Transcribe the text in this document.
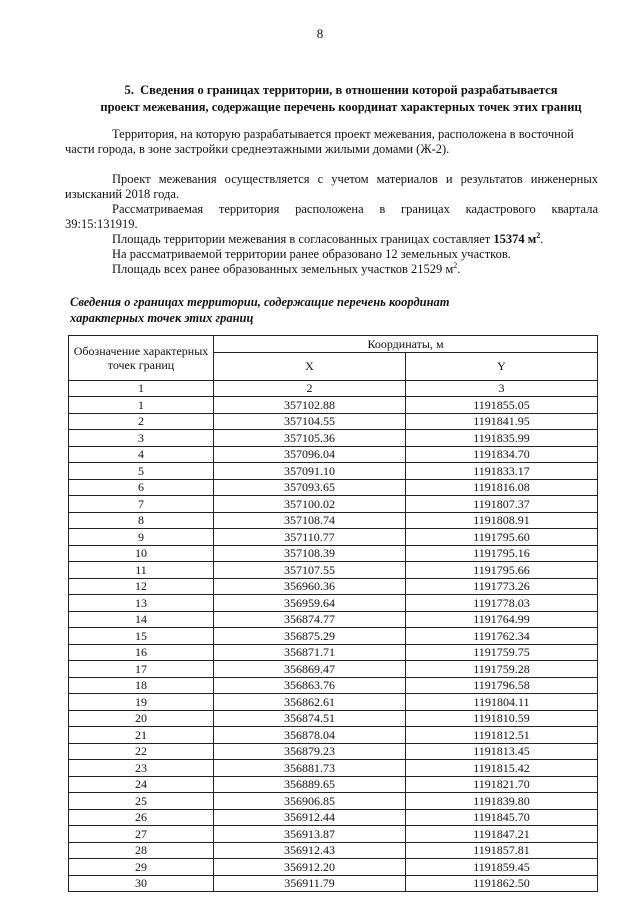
8
5. Сведения о границах территории, в отношении которой разрабатывается
проект межевания, содержащие перечень координат характерных точек этих границ
Территория, на которую разрабатывается проект межевания, расположена в восточной
части города, в зоне застройки среднеэтажными жилыми домами (Ж-2).
Проект межевания осуществляется с учетом материалов и результатов инженерных
изысканий 2018 года.
Рассматриваемая территория расположена в границах кадастрового квартала
39:15:131919.
Площадь территории межевания в согласованных границах составляет 15374 $м^2$.
На рассматриваемой территории ранее образовано 12 земельных участков.
Площадь всех ранее образованных земельных участков 21529 $м^2$.
Сведения о границах территории, содержащие перечень координат
характерных точек этих границ
Обозначение характерных точек границ	Координаты, м	
	X	Y
1	2	3
1	357102.88	1191855.05
2	357104.55	1191841.95
3	357105.36	1191835.99
4	357096.04	1191834.70
5	357091.10	1191833.17
6	357093.65	1191816.08
7	357100.02	1191807.37
8	357108.74	1191808.91
9	357110.77	1191795.60
10	357108.39	1191795.16
11	357107.55	1191795.66
12	356960.36	1191773.26
13	356959.64	1191778.03
14	356874.77	1191764.99
15	356875.29	1191762.34
16	356871.71	1191759.75
17	356869.47	1191759.28
18	356863.76	1191796.58
19	356862.61	1191804.11
20	356874.51	1191810.59
21	356878.04	1191812.51
22	356879.23	1191813.45
23	356881.73	1191815.42
24	356889.65	1191821.70
25	356906.85	1191839.80
26	356912.44	1191845.70
27	356913.87	1191847.21
28	356912.43	1191857.81
29	356912.20	1191859.45
30	356911.79	1191862.50
